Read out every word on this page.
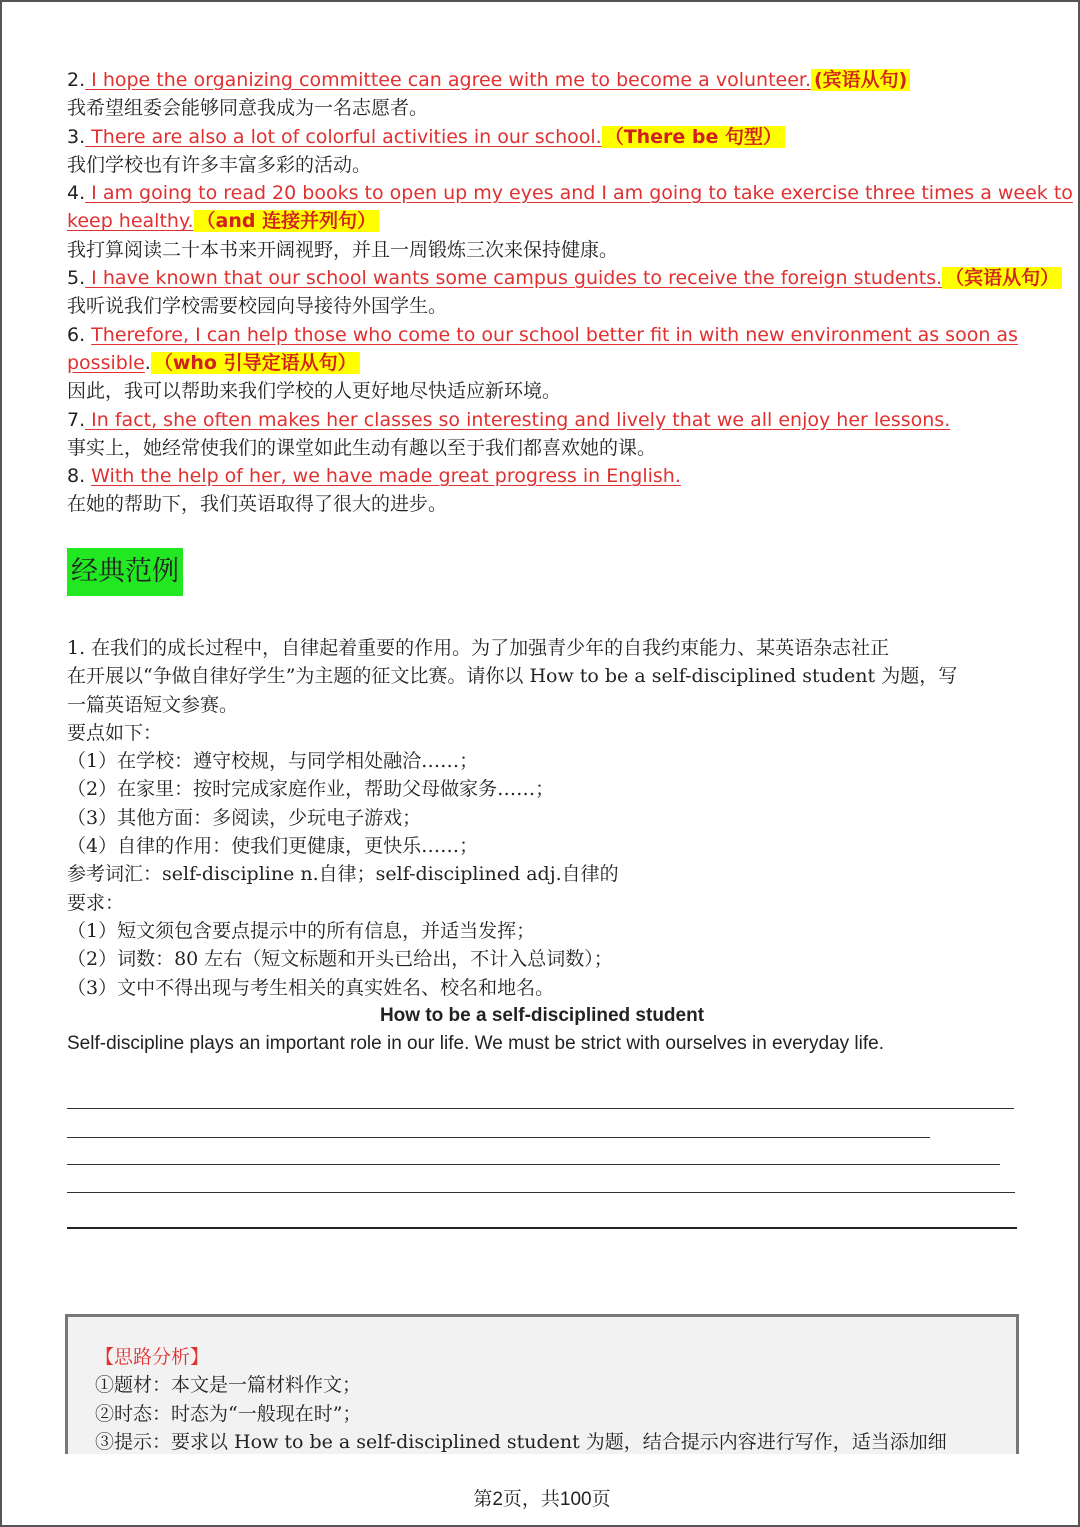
2. I hope the organizing committee can agree with me to become a volunteer. (宾语从句)
我希望组委会能够同意我成为一名志愿者。
3. There are also a lot of colorful activities in our school. （There be 句型）
我们学校也有许多丰富多彩的活动。
4. I am going to read 20 books to open up my eyes and I am going to take exercise three times a week to
keep healthy. （and 连接并列句）
我打算阅读二十本书来开阔视野，并且一周锻炼三次来保持健康。
5. I have known that our school wants some campus guides to receive the foreign students. （宾语从句）
我听说我们学校需要校园向导接待外国学生。
6. Therefore, I can help those who come to our school better fit in with new environment as soon as
possible. （who 引导定语从句）
因此，我可以帮助来我们学校的人更好地尽快适应新环境。
7. In fact, she often makes her classes so interesting and lively that we all enjoy her lessons.
事实上，她经常使我们的课堂如此生动有趣以至于我们都喜欢她的课。
8. With the help of her, we have made great progress in English.
在她的帮助下，我们英语取得了很大的进步。
经典范例
1. 在我们的成长过程中，自律起着重要的作用。为了加强青少年的自我约束能力、某英语杂志社正
在开展以“争做自律好学生”为主题的征文比赛。请你以 How to be a self-disciplined student 为题，写
一篇英语短文参赛。
要点如下：
（1）在学校：遵守校规，与同学相处融洽……；
（2）在家里：按时完成家庭作业，帮助父母做家务……；
（3）其他方面：多阅读，少玩电子游戏；
（4）自律的作用：使我们更健康，更快乐……；
参考词汇：self-discipline n.自律；self-disciplined adj.自律的
要求：
（1）短文须包含要点提示中的所有信息，并适当发挥；
（2）词数：80 左右（短文标题和开头已给出，不计入总词数）；
（3）文中不得出现与考生相关的真实姓名、校名和地名。
How to be a self-disciplined student
Self-discipline plays an important role in our life. We must be strict with ourselves in everyday life.
【思路分析】
①题材：本文是一篇材料作文；
②时态：时态为“一般现在时”；
③提示：要求以 How to be a self-disciplined student 为题，结合提示内容进行写作，适当添加细
第2页，共100页
